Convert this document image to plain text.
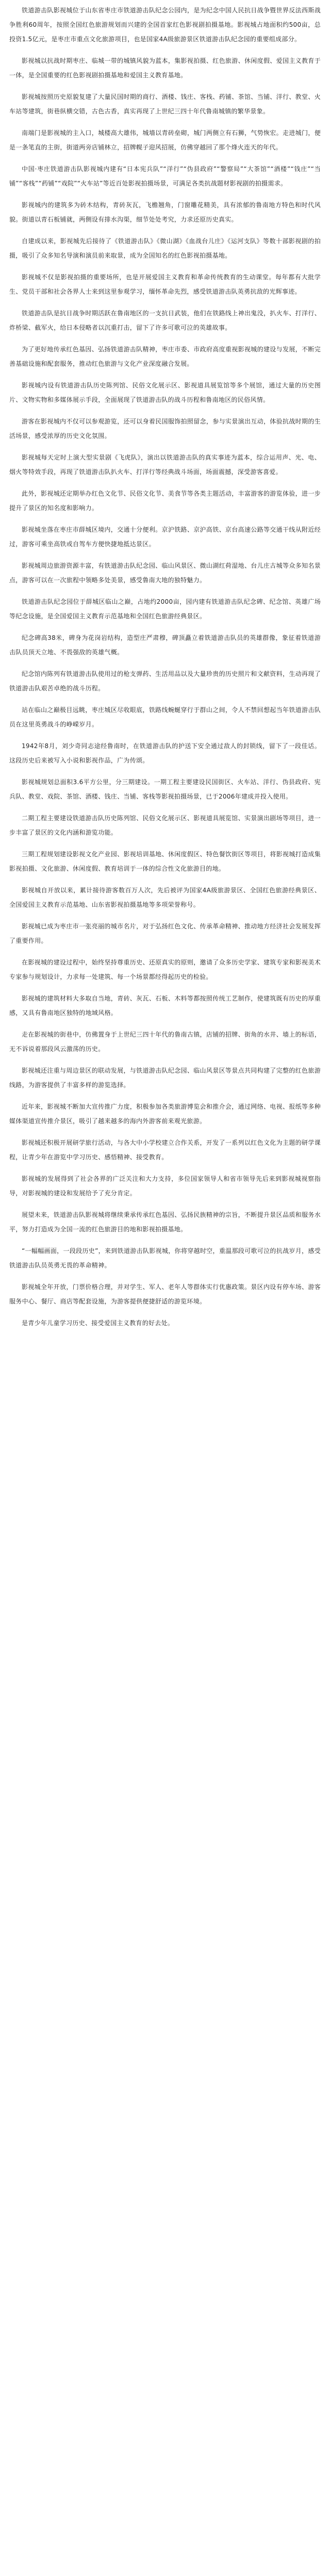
铁道游击队影视城位于山东省枣庄市铁道游击队纪念公园内，是为纪念中国人民抗日战争暨世界反法西斯战争胜利60周年，按照全国红色旅游规划而兴建的全国首家红色影视剧拍摄基地。影视城占地面积约500亩，总投资1.5亿元，是枣庄市重点文化旅游项目，也是国家4A级旅游景区铁道游击队纪念园的重要组成部分。

影视城以抗战时期枣庄、临城一带的城镇风貌为蓝本，集影视拍摄、红色旅游、休闲度假、爱国主义教育于一体，是全国重要的红色影视剧拍摄基地和爱国主义教育基地。

影视城按照历史原貌复建了大量民国时期的商行、酒楼、钱庄、客栈、药铺、茶馆、当铺、洋行、教堂、火车站等建筑，街巷纵横交错，古色古香，真实再现了上世纪三四十年代鲁南城镇的繁华景象。

南端门是影视城的主入口，城楼高大雄伟，城墙以青砖垒砌，城门两侧立有石狮，气势恢宏。走进城门，便是一条笔直的主街，街道两旁店铺林立，招牌幌子迎风招展，仿佛穿越回了那个烽火连天的年代。

中国·枣庄铁道游击队影视城内建有“日本宪兵队”“洋行”“伪县政府”“警察局”“大茶馆”“酒楼”“钱庄”“当铺”“客栈”“药铺”“戏院”“火车站”等近百处影视拍摄场景，可满足各类抗战题材影视剧的拍摄需求。

影视城内的建筑多为砖木结构，青砖灰瓦，飞檐翘角，门窗雕花精美，具有浓郁的鲁南地方特色和时代风貌。街道以青石板铺就，两侧设有排水沟渠，细节处处考究，力求还原历史真实。

自建成以来，影视城先后接待了《铁道游击队》《微山湖》《血战台儿庄》《运河支队》等数十部影视剧的拍摄，吸引了众多知名导演和演员前来取景，成为全国知名的红色影视拍摄基地。

影视城不仅是影视拍摄的重要场所，也是开展爱国主义教育和革命传统教育的生动课堂。每年都有大批学生、党员干部和社会各界人士来到这里参观学习，缅怀革命先烈，感受铁道游击队英勇抗敌的光辉事迹。

铁道游击队是抗日战争时期活跃在鲁南地区的一支抗日武装，他们在铁路线上神出鬼没，扒火车、打洋行、炸桥梁、截军火，给日本侵略者以沉重打击，留下了许多可歌可泣的英雄故事。

为了更好地传承红色基因、弘扬铁道游击队精神，枣庄市委、市政府高度重视影视城的建设与发展，不断完善基础设施和配套服务，推动红色旅游与文化产业深度融合发展。

影视城内设有铁道游击队历史陈列馆、民俗文化展示区、影视道具展览馆等多个展馆，通过大量的历史图片、文物实物和多媒体展示手段，全面展现了铁道游击队的战斗历程和鲁南地区的民俗风情。

游客在影视城内不仅可以参观游览，还可以身着民国服饰拍照留念，参与实景演出互动，体验抗战时期的生活场景，感受浓厚的历史文化氛围。

影视城每天定时上演大型实景剧《飞虎队》，演出以铁道游击队的真实事迹为蓝本，综合运用声、光、电、烟火等特效手段，再现了铁道游击队扒火车、打洋行等经典战斗场面，场面震撼，深受游客喜爱。

此外，影视城还定期举办红色文化节、民俗文化节、美食节等各类主题活动，丰富游客的游览体验，进一步提升了景区的知名度和影响力。

影视城坐落在枣庄市薛城区境内，交通十分便利。京沪铁路、京沪高铁、京台高速公路等交通干线从附近经过，游客可乘坐高铁或自驾车方便快捷地抵达景区。

影视城周边旅游资源丰富，有铁道游击队纪念园、临山风景区、微山湖红荷湿地、台儿庄古城等众多知名景点，游客可以在一次旅程中领略多处美景，感受鲁南大地的独特魅力。

铁道游击队纪念园位于薛城区临山之巅，占地约2000亩，园内建有铁道游击队纪念碑、纪念馆、英雄广场等纪念设施，是全国爱国主义教育示范基地和全国红色旅游经典景区。

纪念碑高38米，碑身为花岗岩结构，造型庄严肃穆，碑顶矗立着铁道游击队员的英雄群像，象征着铁道游击队员顶天立地、不畏强敌的英雄气概。

纪念馆内陈列有铁道游击队使用过的枪支弹药、生活用品以及大量珍贵的历史照片和文献资料，生动再现了铁道游击队艰苦卓绝的战斗历程。

站在临山之巅极目远眺，枣庄城区尽收眼底，铁路线蜿蜒穿行于群山之间，令人不禁回想起当年铁道游击队员在这里英勇战斗的峥嵘岁月。

1942年8月，刘少奇同志途经鲁南时，在铁道游击队的护送下安全通过敌人的封锁线，留下了一段佳话。这段历史后来被写入小说和影视作品，广为传颂。

影视城规划总面积3.6平方公里，分三期建设。一期工程主要建设民国街区、火车站、洋行、伪县政府、宪兵队、教堂、戏院、茶馆、酒楼、钱庄、当铺、客栈等影视拍摄场景，已于2006年建成并投入使用。

二期工程主要建设铁道游击队历史陈列馆、民俗文化展示区、影视道具展览馆、实景演出剧场等项目，进一步丰富了景区的文化内涵和游览功能。

三期工程规划建设影视文化产业园、影视培训基地、休闲度假区、特色餐饮街区等项目，将影视城打造成集影视拍摄、文化旅游、休闲度假、教育培训于一体的综合性文化旅游目的地。

影视城自开放以来，累计接待游客数百万人次，先后被评为国家4A级旅游景区、全国红色旅游经典景区、全国爱国主义教育示范基地、山东省影视拍摄基地等多项荣誉称号。

影视城已成为枣庄市一张亮丽的城市名片，对于弘扬红色文化、传承革命精神、推动地方经济社会发展发挥了重要作用。

在影视城的建设过程中，始终坚持尊重历史、还原真实的原则，邀请了众多历史学家、建筑专家和影视美术专家参与规划设计，力求每一处建筑、每一个场景都经得起历史的检验。

影视城的建筑材料大多取自当地，青砖、灰瓦、石板、木料等都按照传统工艺制作，使建筑既有历史的厚重感，又具有鲁南地区独特的地域风格。

走在影视城的街巷中，仿佛置身于上世纪三四十年代的鲁南古镇，店铺的招牌、街角的水井、墙上的标语，无不诉说着那段风云激荡的历史。

影视城还注重与周边景区的联动发展，与铁道游击队纪念园、临山风景区等景点共同构建了完整的红色旅游线路，为游客提供了丰富多样的游览选择。

近年来，影视城不断加大宣传推广力度，积极参加各类旅游博览会和推介会，通过网络、电视、报纸等多种媒体渠道宣传推介景区，吸引了越来越多的海内外游客前来观光旅游。

影视城还积极开展研学旅行活动，与各大中小学校建立合作关系，开发了一系列以红色文化为主题的研学课程，让青少年在游览中学习历史、感悟精神、接受教育。

影视城的发展得到了社会各界的广泛关注和大力支持，多位国家领导人和省市领导先后来到影视城视察指导，对影视城的建设和发展给予了充分肯定。

展望未来，铁道游击队影视城将继续秉承传承红色基因、弘扬民族精神的宗旨，不断提升景区品质和服务水平，努力打造成为全国一流的红色旅游目的地和影视拍摄基地。

“一幅幅画面，一段段历史”，来到铁道游击队影视城，你将穿越时空，重温那段可歌可泣的抗战岁月，感受铁道游击队员英勇无畏的革命精神。

影视城全年开放，门票价格合理，并对学生、军人、老年人等群体实行优惠政策。景区内设有停车场、游客服务中心、餐厅、商店等配套设施，为游客提供便捷舒适的游览环境。

是青少年儿童学习历史、接受爱国主义教育的好去处。
